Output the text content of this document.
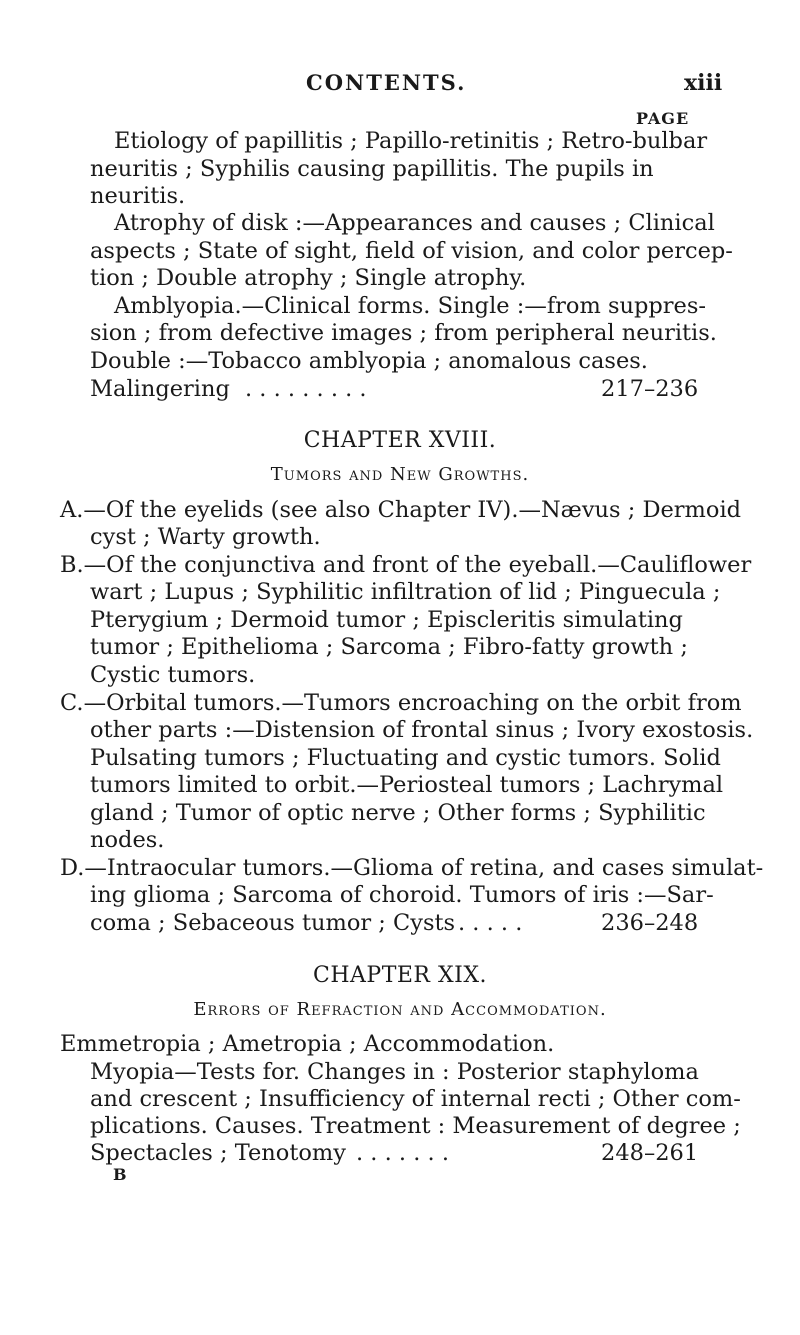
CONTENTS.	xiii
PAGE
Etiology of papillitis ; Papillo-retinitis ; Retro-bulbar
neuritis ; Syphilis causing papillitis. The pupils in
neuritis.
Atrophy of disk :—Appearances and causes ; Clinical
aspects ; State of sight, field of vision, and color percep-
tion ; Double atrophy ; Single atrophy.
Amblyopia.—Clinical forms. Single :—from suppres-
sion ; from defective images ; from peripheral neuritis.
Double :—Tobacco amblyopia ; anomalous cases.
Malingering . . . . . . . . .	217–236
CHAPTER XVIII.
Tumors and New Growths.
A.—Of the eyelids (see also Chapter IV).—Nævus ; Dermoid
cyst ; Warty growth.
B.—Of the conjunctiva and front of the eyeball.—Cauliflower
wart ; Lupus ; Syphilitic infiltration of lid ; Pinguecula ;
Pterygium ; Dermoid tumor ; Episcleritis simulating
tumor ; Epithelioma ; Sarcoma ; Fibro-fatty growth ;
Cystic tumors.
C.—Orbital tumors.—Tumors encroaching on the orbit from
other parts :—Distension of frontal sinus ; Ivory exostosis.
Pulsating tumors ; Fluctuating and cystic tumors. Solid
tumors limited to orbit.—Periosteal tumors ; Lachrymal
gland ; Tumor of optic nerve ; Other forms ; Syphilitic
nodes.
D.—Intraocular tumors.—Glioma of retina, and cases simulat-
ing glioma ; Sarcoma of choroid. Tumors of iris :—Sar-
coma ; Sebaceous tumor ; Cysts . . . . .	236–248
CHAPTER XIX.
Errors of Refraction and Accommodation.
Emmetropia ; Ametropia ; Accommodation.
Myopia—Tests for. Changes in : Posterior staphyloma
and crescent ; Insufficiency of internal recti ; Other com-
plications. Causes. Treatment : Measurement of degree ;
Spectacles ; Tenotomy . . . . . . .	248–261
B
